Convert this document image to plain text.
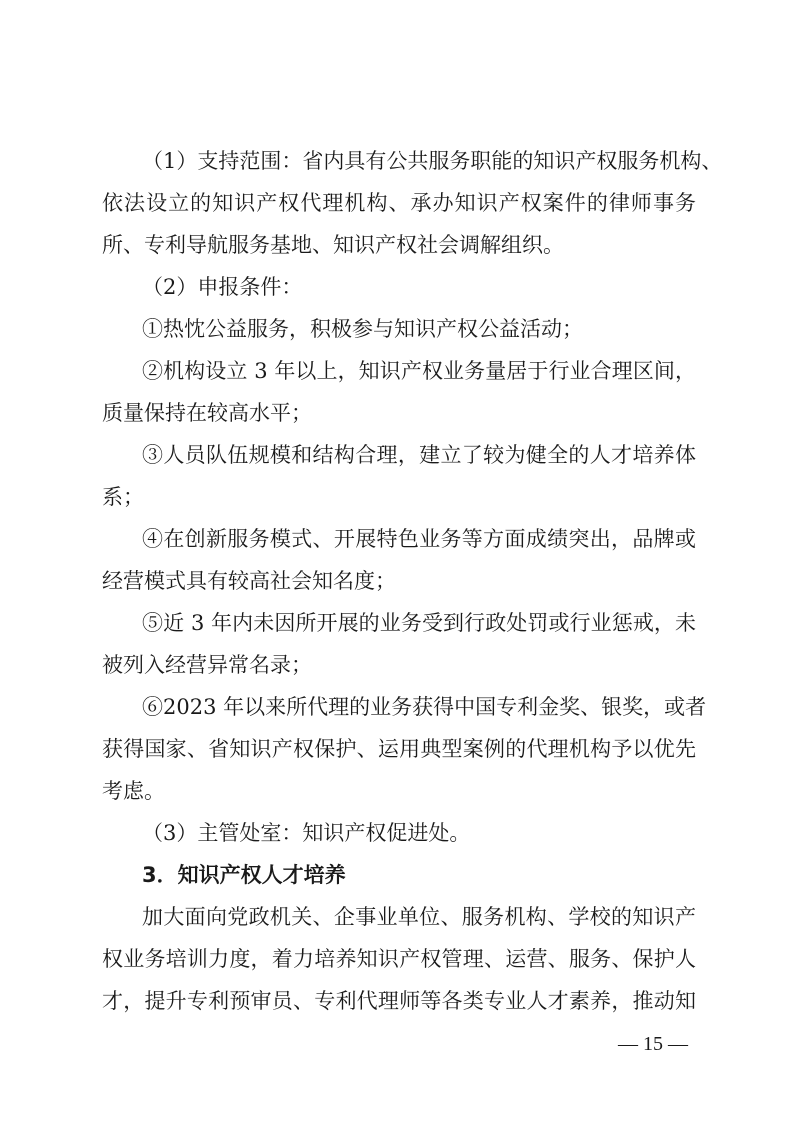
（1）支持范围：省内具有公共服务职能的知识产权服务机构、
依法设立的知识产权代理机构、承办知识产权案件的律师事务
所、专利导航服务基地、知识产权社会调解组织。
（2）申报条件：
①热忱公益服务，积极参与知识产权公益活动；
②机构设立 3 年以上，知识产权业务量居于行业合理区间，
质量保持在较高水平；
③人员队伍规模和结构合理，建立了较为健全的人才培养体
系；
④在创新服务模式、开展特色业务等方面成绩突出，品牌或
经营模式具有较高社会知名度；
⑤近 3 年内未因所开展的业务受到行政处罚或行业惩戒，未
被列入经营异常名录；
⑥2023 年以来所代理的业务获得中国专利金奖、银奖，或者
获得国家、省知识产权保护、运用典型案例的代理机构予以优先
考虑。
（3）主管处室：知识产权促进处。
3．知识产权人才培养
加大面向党政机关、企事业单位、服务机构、学校的知识产
权业务培训力度，着力培养知识产权管理、运营、服务、保护人
才，提升专利预审员、专利代理师等各类专业人才素养，推动知
— 15 —
